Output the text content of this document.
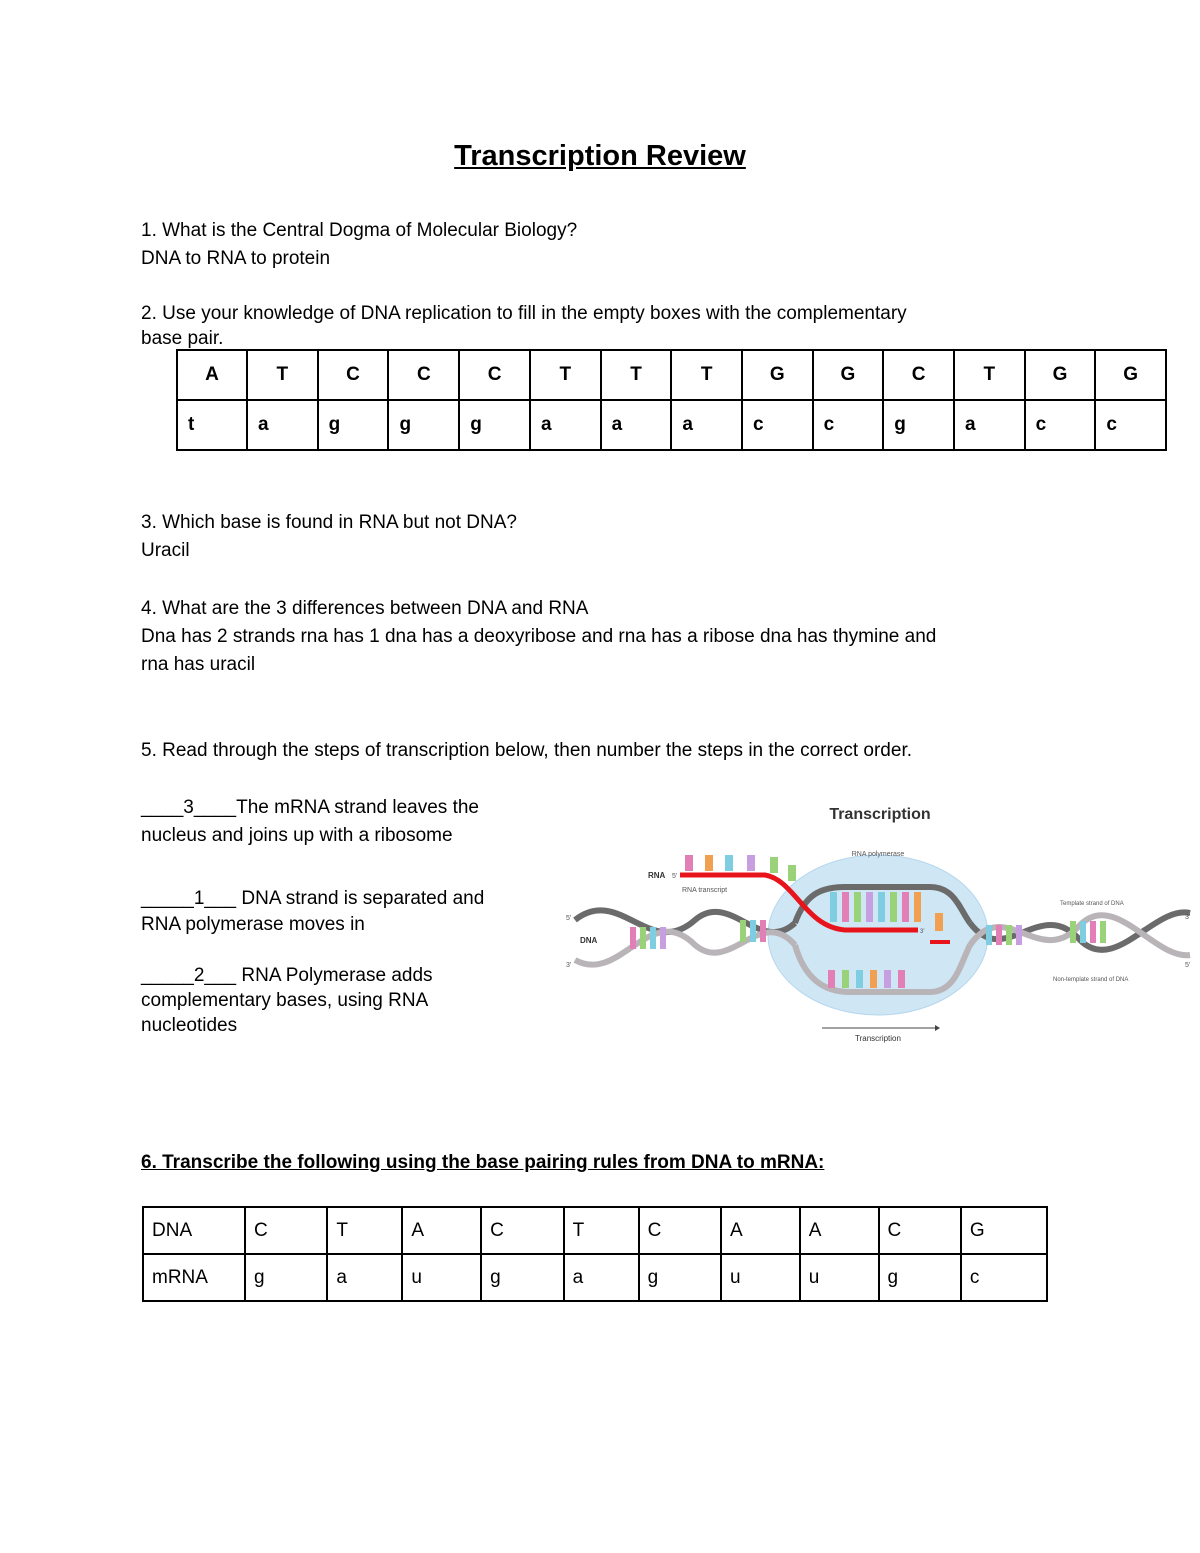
Transcription Review
1. What is the Central Dogma of Molecular Biology?
DNA to RNA to protein
2. Use your knowledge of DNA replication to fill in the empty boxes with the complementary
base pair.
A	T	C	C	C	T	T	T	G	G	C	T	G	G
t	a	g	g	g	a	a	a	c	c	g	a	c	c
3. Which base is found in RNA but not DNA?
Uracil
4. What are the 3 differences between DNA and RNA
Dna has 2 strands rna has 1 dna has a deoxyribose and rna has a ribose dna has thymine and
rna has uracil
5. Read through the steps of transcription below, then number the steps in the correct order.
____3____The mRNA strand leaves the
nucleus and joins up with a ribosome
_____1___ DNA strand is separated and
RNA polymerase moves in
_____2___ RNA Polymerase adds
complementary bases, using RNA
nucleotides
Transcription
RNA polymerase
RNA 5'
RNA transcript
3'
5'
DNA
3'
3'
5'
Template strand of DNA
Non-template strand of DNA
Transcription
6. Transcribe the following using the base pairing rules from DNA to mRNA:
DNA	C	T	A	C	T	C	A	A	C	G
mRNA	g	a	u	g	a	g	u	u	g	c
